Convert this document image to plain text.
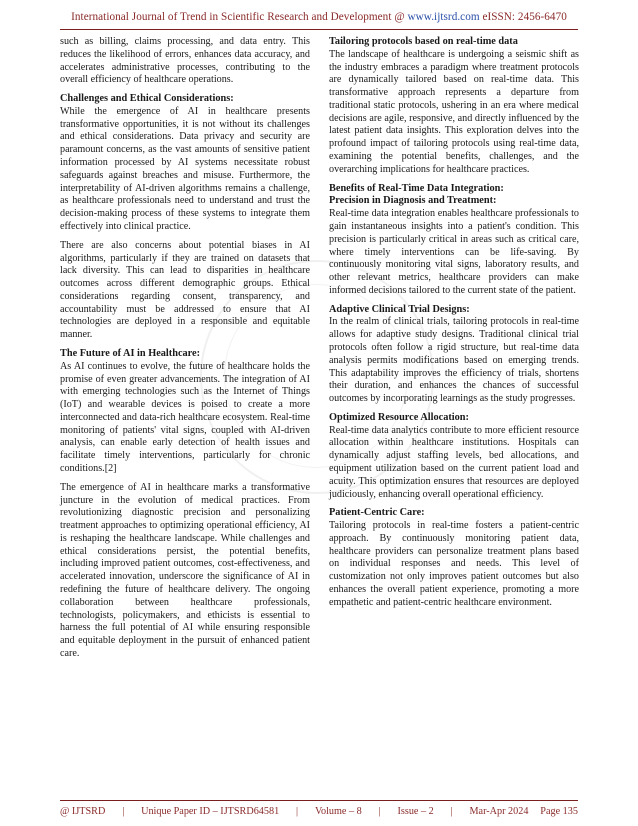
International Journal of Trend in Scientific Research and Development @ www.ijtsrd.com eISSN: 2456-6470

such as billing, claims processing, and data entry. This reduces the likelihood of errors, enhances data accuracy, and accelerates administrative processes, contributing to the overall efficiency of healthcare operations.

Challenges and Ethical Considerations:

While the emergence of AI in healthcare presents transformative opportunities, it is not without its challenges and ethical considerations. Data privacy and security are paramount concerns, as the vast amounts of sensitive patient information processed by AI systems necessitate robust safeguards against breaches and misuse. Furthermore, the interpretability of AI-driven algorithms remains a challenge, as healthcare professionals need to understand and trust the decision-making process of these systems to integrate them effectively into clinical practice.

There are also concerns about potential biases in AI algorithms, particularly if they are trained on datasets that lack diversity. This can lead to disparities in healthcare outcomes across different demographic groups. Ethical considerations regarding consent, transparency, and accountability must be addressed to ensure that AI technologies are deployed in a responsible and equitable manner.

The Future of AI in Healthcare:

As AI continues to evolve, the future of healthcare holds the promise of even greater advancements. The integration of AI with emerging technologies such as the Internet of Things (IoT) and wearable devices is poised to create a more interconnected and data-rich healthcare ecosystem. Real-time monitoring of patients' vital signs, coupled with AI-driven analysis, can enable early detection of health issues and facilitate timely interventions, particularly for chronic conditions.[2]

The emergence of AI in healthcare marks a transformative juncture in the evolution of medical practices. From revolutionizing diagnostic precision and personalizing treatment approaches to optimizing operational efficiency, AI is reshaping the healthcare landscape. While challenges and ethical considerations persist, the potential benefits, including improved patient outcomes, cost-effectiveness, and accelerated innovation, underscore the significance of AI in redefining the future of healthcare delivery. The ongoing collaboration between healthcare professionals, technologists, policymakers, and ethicists is essential to harness the full potential of AI while ensuring responsible and equitable deployment in the pursuit of enhanced patient care.

Tailoring protocols based on real-time data

The landscape of healthcare is undergoing a seismic shift as the industry embraces a paradigm where treatment protocols are dynamically tailored based on real-time data. This transformative approach represents a departure from traditional static protocols, ushering in an era where medical decisions are agile, responsive, and directly influenced by the latest patient data insights. This exploration delves into the profound impact of tailoring protocols using real-time data, examining the potential benefits, challenges, and the overarching implications for healthcare practices.

Benefits of Real-Time Data Integration:
Precision in Diagnosis and Treatment:

Real-time data integration enables healthcare professionals to gain instantaneous insights into a patient's condition. This precision is particularly critical in areas such as critical care, where timely interventions can be life-saving. By continuously monitoring vital signs, laboratory results, and other relevant metrics, healthcare providers can make informed decisions tailored to the current state of the patient.

Adaptive Clinical Trial Designs:

In the realm of clinical trials, tailoring protocols in real-time allows for adaptive study designs. Traditional clinical trial protocols often follow a rigid structure, but real-time data analysis permits modifications based on emerging trends. This adaptability improves the efficiency of trials, shortens their duration, and enhances the chances of successful outcomes by incorporating learnings as the study progresses.

Optimized Resource Allocation:

Real-time data analytics contribute to more efficient resource allocation within healthcare institutions. Hospitals can dynamically adjust staffing levels, bed allocations, and equipment utilization based on the current patient load and acuity. This optimization ensures that resources are deployed judiciously, enhancing overall operational efficiency.

Patient-Centric Care:

Tailoring protocols in real-time fosters a patient-centric approach. By continuously monitoring patient data, healthcare providers can personalize treatment plans based on individual responses and needs. This level of customization not only improves patient outcomes but also enhances the overall patient experience, promoting a more empathetic and patient-centric healthcare environment.

@ IJTSRD	|	Unique Paper ID – IJTSRD64581	|	Volume – 8	|	Issue – 2	|	Mar-Apr 2024 Page 135
